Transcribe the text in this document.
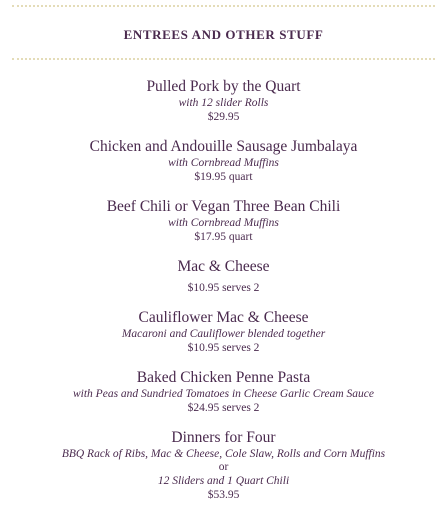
ENTREES AND OTHER STUFF
Pulled Pork by the Quart
with 12 slider Rolls
$29.95
Chicken and Andouille Sausage Jumbalaya
with Cornbread Muffins
$19.95 quart
Beef Chili or Vegan Three Bean Chili
with Cornbread Muffins
$17.95 quart
Mac & Cheese
$10.95 serves 2
Cauliflower Mac & Cheese
Macaroni and Cauliflower blended together
$10.95 serves 2
Baked Chicken Penne Pasta
with Peas and Sundried Tomatoes in Cheese Garlic Cream Sauce
$24.95 serves 2
Dinners for Four
BBQ Rack of Ribs, Mac & Cheese, Cole Slaw, Rolls and Corn Muffins
or
12 Sliders and 1 Quart Chili
$53.95
